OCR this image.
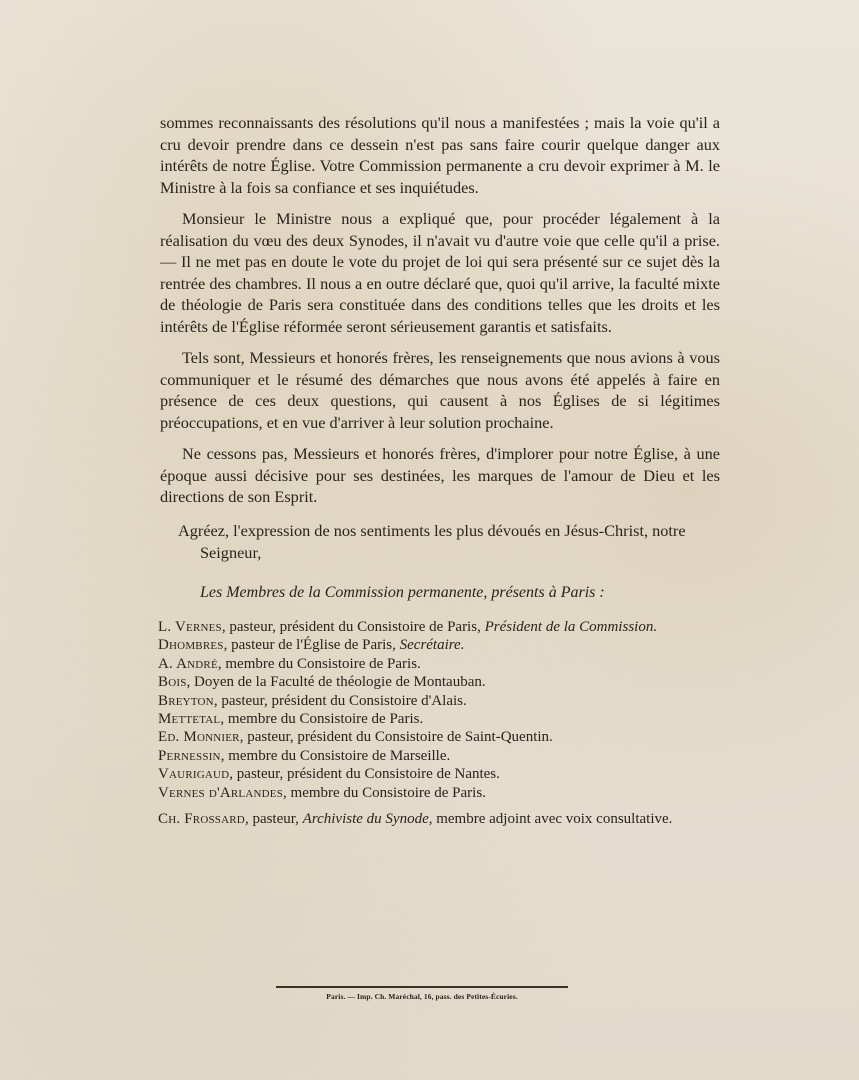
sommes reconnaissants des résolutions qu'il nous a manifestées ; mais la voie qu'il a cru devoir prendre dans ce dessein n'est pas sans faire courir quelque danger aux intérêts de notre Église. Votre Commission permanente a cru devoir exprimer à M. le Ministre à la fois sa confiance et ses inquiétudes.

Monsieur le Ministre nous a expliqué que, pour procéder légalement à la réalisation du vœu des deux Synodes, il n'avait vu d'autre voie que celle qu'il a prise. — Il ne met pas en doute le vote du projet de loi qui sera présenté sur ce sujet dès la rentrée des chambres. Il nous a en outre déclaré que, quoi qu'il arrive, la faculté mixte de théologie de Paris sera constituée dans des conditions telles que les droits et les intérêts de l'Église réformée seront sérieusement garantis et satisfaits.

Tels sont, Messieurs et honorés frères, les renseignements que nous avions à vous communiquer et le résumé des démarches que nous avons été appelés à faire en présence de ces deux questions, qui causent à nos Églises de si légitimes préoccupations, et en vue d'arriver à leur solution prochaine.

Ne cessons pas, Messieurs et honorés frères, d'implorer pour notre Église, à une époque aussi décisive pour ses destinées, les marques de l'amour de Dieu et les directions de son Esprit.

Agréez, l'expression de nos sentiments les plus dévoués en Jésus-Christ, notre
Seigneur,
Les Membres de la Commission permanente, présents à Paris :

L. Vernes, pasteur, président du Consistoire de Paris, Président de la Commission.

Dhombres, pasteur de l'Église de Paris, Secrétaire.

A. André, membre du Consistoire de Paris.

Bois, Doyen de la Faculté de théologie de Montauban.

Breyton, pasteur, président du Consistoire d'Alais.

Mettetal, membre du Consistoire de Paris.

Ed. Monnier, pasteur, président du Consistoire de Saint-Quentin.

Pernessin, membre du Consistoire de Marseille.

Vaurigaud, pasteur, président du Consistoire de Nantes.

Vernes d'Arlandes, membre du Consistoire de Paris.

Ch. Frossard, pasteur, Archiviste du Synode, membre adjoint avec voix consultative.

Paris. — Imp. Ch. Maréchal, 16, pass. des Petites-Écuries.
